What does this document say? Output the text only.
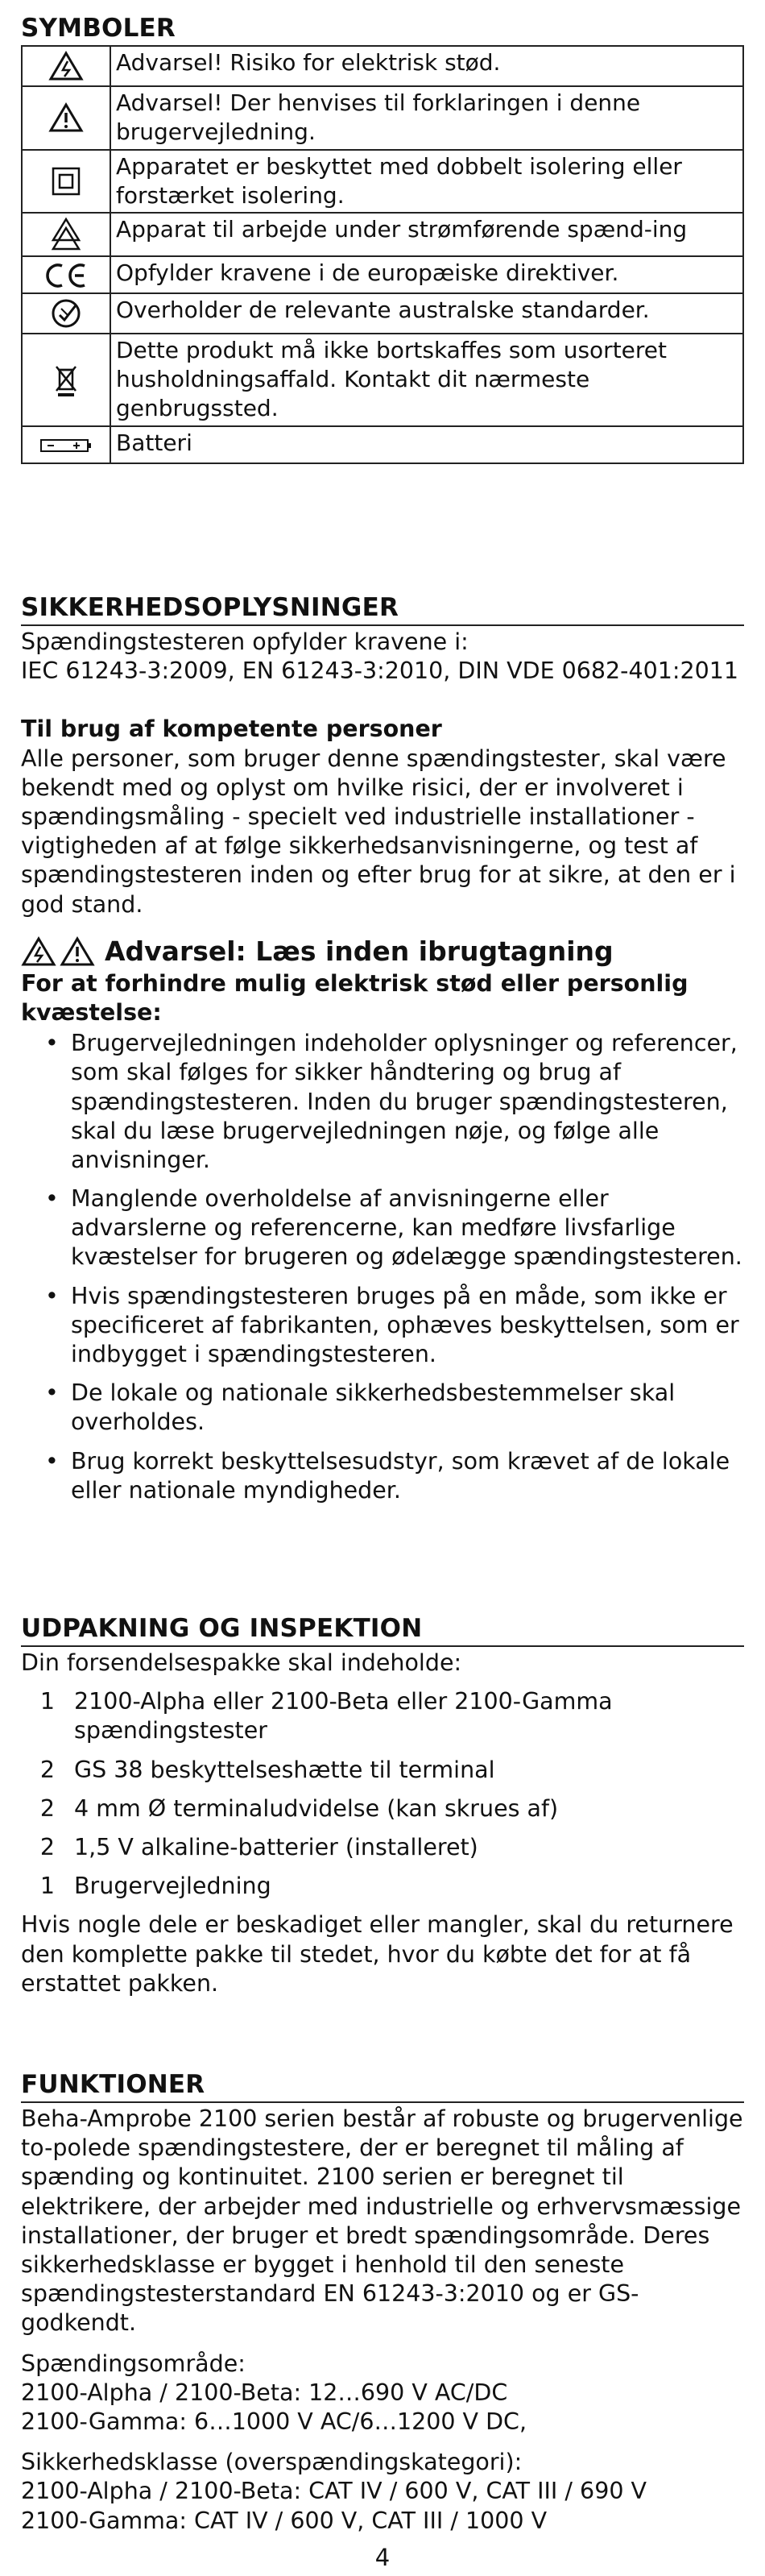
SYMBOLER
	Advarsel! Risiko for elektrisk stød.
	Advarsel! Der henvises til forklaringen i denne brugervejledning.
	Apparatet er beskyttet med dobbelt isolering eller forstærket isolering.
	Apparat til arbejde under strømførende spænd-ing
	Opfylder kravene i de europæiske direktiver.
	Overholder de relevante australske standarder.
	Dette produkt må ikke bortskaffes som usorteret husholdningsaffald. Kontakt dit nærmeste genbrugssted.
	Batteri
SIKKERHEDSOPLYSNINGER
Spændingstesteren opfylder kravene i:
IEC 61243-3:2009, EN 61243-3:2010, DIN VDE 0682-401:2011
Til brug af kompetente personer
Alle personer, som bruger denne spændingstester, skal være bekendt med og oplyst om hvilke risici, der er involveret i spændingsmåling - specielt ved industrielle installationer - vigtigheden af at følge sikkerhedsanvisningerne, og test af spændingstesteren inden og efter brug for at sikre, at den er i god stand.
Advarsel: Læs inden ibrugtagning
For at forhindre mulig elektrisk stød eller personlig kvæstelse:
• Brugervejledningen indeholder oplysninger og referencer, som skal følges for sikker håndtering og brug af spændingstesteren. Inden du bruger spændingstesteren, skal du læse brugervejledningen nøje, og følge alle anvisninger.
• Manglende overholdelse af anvisningerne eller advarslerne og referencerne, kan medføre livsfarlige kvæstelser for brugeren og ødelægge spændingstesteren.
• Hvis spændingstesteren bruges på en måde, som ikke er specificeret af fabrikanten, ophæves beskyttelsen, som er indbygget i spændingstesteren.
• De lokale og nationale sikkerhedsbestemmelser skal overholdes.
• Brug korrekt beskyttelsesudstyr, som krævet af de lokale eller nationale myndigheder.
UDPAKNING OG INSPEKTION
Din forsendelsespakke skal indeholde:
1 2100-Alpha eller 2100-Beta eller 2100-Gamma spændingstester
2 GS 38 beskyttelseshætte til terminal
2 4 mm Ø terminaludvidelse (kan skrues af)
2 1,5 V alkaline-batterier (installeret)
1 Brugervejledning
Hvis nogle dele er beskadiget eller mangler, skal du returnere den komplette pakke til stedet, hvor du købte det for at få erstattet pakken.
FUNKTIONER
Beha-Amprobe 2100 serien består af robuste og brugervenlige to-polede spændingstestere, der er beregnet til måling af spænding og kontinuitet. 2100 serien er beregnet til elektrikere, der arbejder med industrielle og erhvervsmæssige installationer, der bruger et bredt spændingsområde. Deres sikkerhedsklasse er bygget i henhold til den seneste spændingstesterstandard EN 61243-3:2010 og er GS-godkendt.
Spændingsområde:
2100-Alpha / 2100-Beta: 12…690 V AC/DC
2100-Gamma: 6…1000 V AC/6…1200 V DC,
Sikkerhedsklasse (overspændingskategori):
2100-Alpha / 2100-Beta: CAT IV / 600 V, CAT III / 690 V
2100-Gamma: CAT IV / 600 V, CAT III / 1000 V
4
